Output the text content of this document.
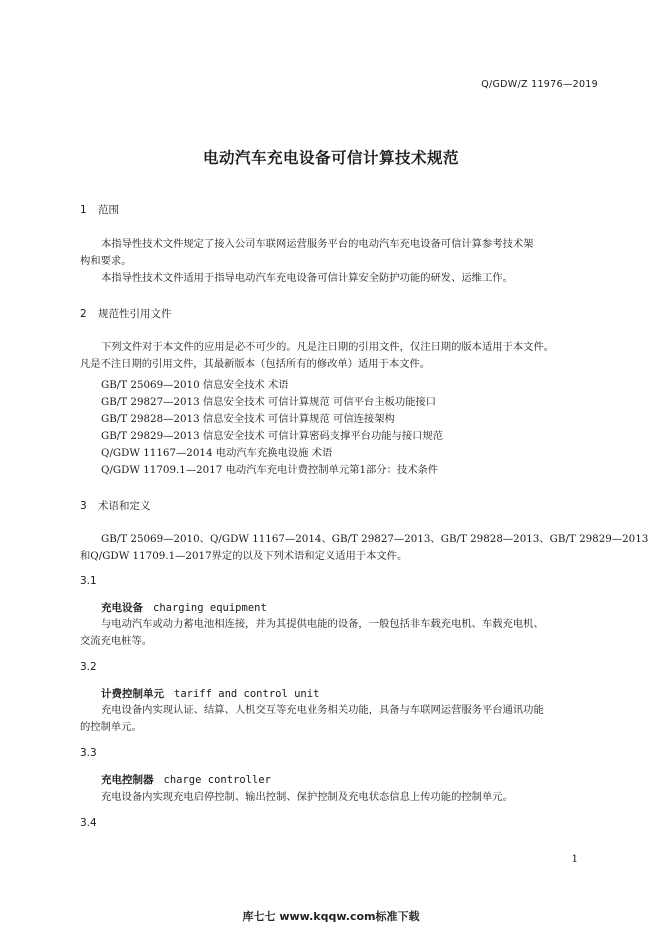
Q/GDW/Z 11976—2019
电动汽车充电设备可信计算技术规范
1 范围
本指导性技术文件规定了接入公司车联网运营服务平台的电动汽车充电设备可信计算参考技术架
构和要求。
本指导性技术文件适用于指导电动汽车充电设备可信计算安全防护功能的研发、运维工作。
2 规范性引用文件
下列文件对于本文件的应用是必不可少的。凡是注日期的引用文件，仅注日期的版本适用于本文件。
凡是不注日期的引用文件，其最新版本（包括所有的修改单）适用于本文件。
GB/T 25069—2010 信息安全技术 术语
GB/T 29827—2013 信息安全技术 可信计算规范 可信平台主板功能接口
GB/T 29828—2013 信息安全技术 可信计算规范 可信连接架构
GB/T 29829—2013 信息安全技术 可信计算密码支撑平台功能与接口规范
Q/GDW 11167—2014 电动汽车充换电设施 术语
Q/GDW 11709.1—2017 电动汽车充电计费控制单元第1部分：技术条件
3 术语和定义
GB/T 25069—2010、Q/GDW 11167—2014、GB/T 29827—2013、GB/T 29828—2013、GB/T 29829—2013
和Q/GDW 11709.1—2017界定的以及下列术语和定义适用于本文件。
3.1
充电设备 charging equipment
与电动汽车或动力蓄电池相连接，并为其提供电能的设备，一般包括非车载充电机、车载充电机、
交流充电桩等。
3.2
计费控制单元 tariff and control unit
充电设备内实现认证、结算、人机交互等充电业务相关功能，具备与车联网运营服务平台通讯功能
的控制单元。
3.3
充电控制器 charge controller
充电设备内实现充电启停控制、输出控制、保护控制及充电状态信息上传功能的控制单元。
3.4
1
库七七 www.kqqw.com标准下载
